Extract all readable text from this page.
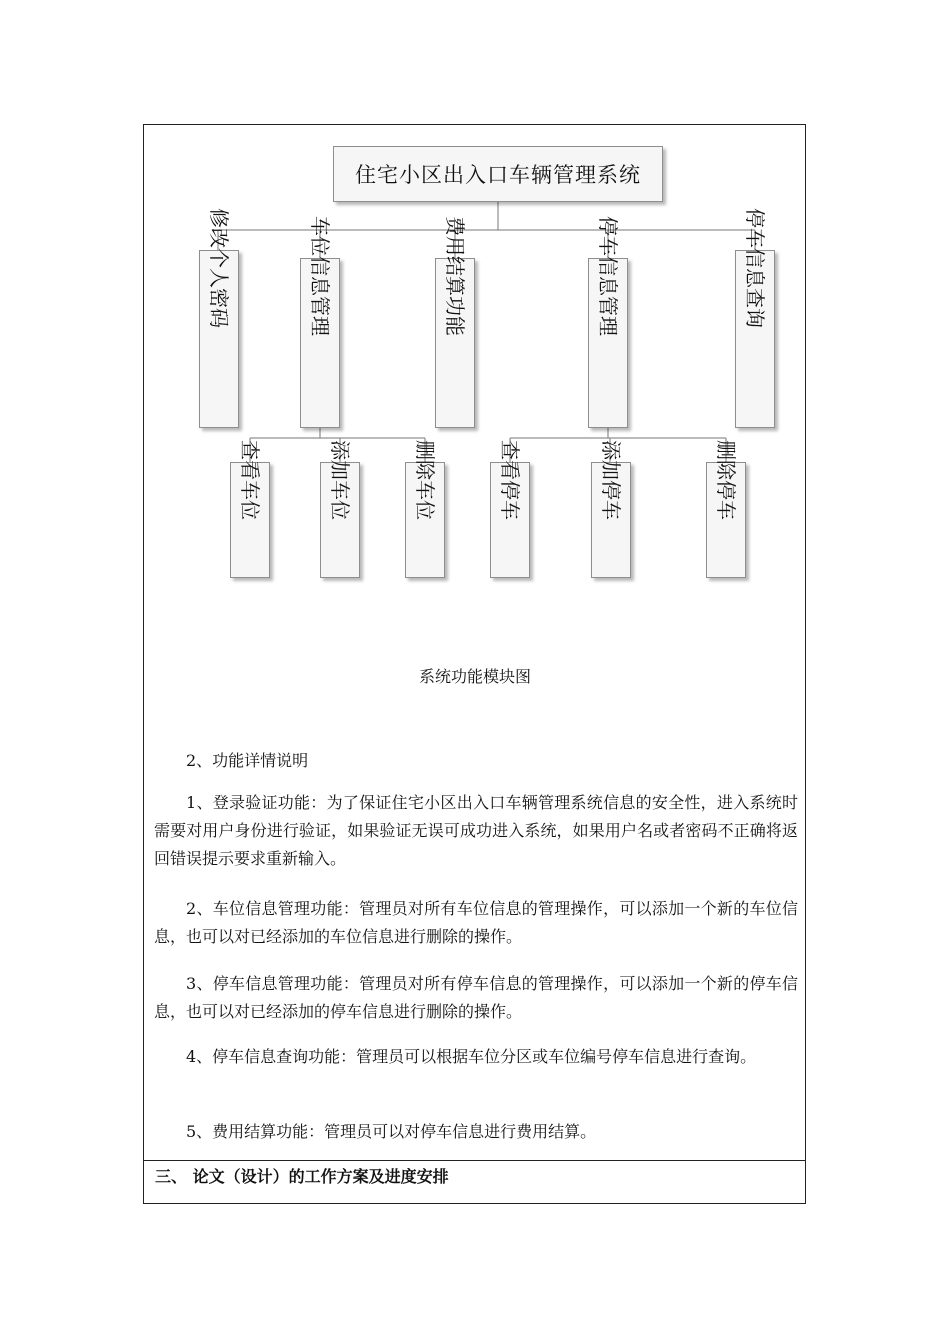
住宅小区出入口车辆管理系统
修改个人密码	车位信息管理	费用结算功能	停车信息管理	停车信息查询
查看车位	添加车位	删除车位	查看停车	添加停车	删除停车
系统功能模块图

2、功能详情说明

1、登录验证功能：为了保证住宅小区出入口车辆管理系统信息的安全性，进入系统时需要对用户身份进行验证，如果验证无误可成功进入系统，如果用户名或者密码不正确将返回错误提示要求重新输入。

2、车位信息管理功能：管理员对所有车位信息的管理操作，可以添加一个新的车位信息，也可以对已经添加的车位信息进行删除的操作。

3、停车信息管理功能：管理员对所有停车信息的管理操作，可以添加一个新的停车信息，也可以对已经添加的停车信息进行删除的操作。

4、停车信息查询功能：管理员可以根据车位分区或车位编号停车信息进行查询。

5、费用结算功能：管理员可以对停车信息进行费用结算。

三、 论文（设计）的工作方案及进度安排
